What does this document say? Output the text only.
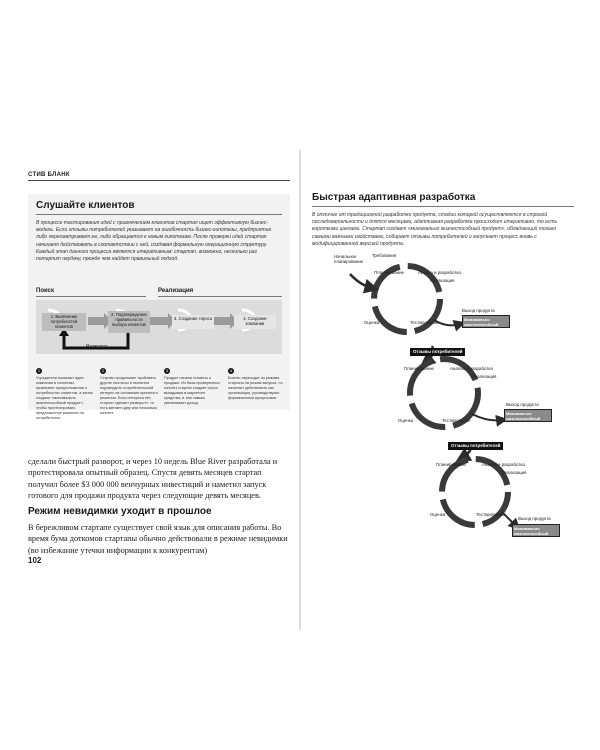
СТИВ БЛАНК
Слушайте клиентов
В процессе тестирования идей с привлечением клиентов стартап ищет эффективную бизнес-модель. Если отзывы потребителей указывают на ошибочность бизнес-гипотезы, предприятие либо пересматривает ее, либо обращается к новым гипотезам. После проверки идей стартап начинает действовать в соответствии с ней, создавая формальную операционную структуру. Каждый этап данного процесса является итеративным: стартап, возможно, несколько раз потерпит неудачу, прежде чем найдет правильный подход.
Поиск	Реализация
Разворот
1. Выявление потребностей клиентов
2. Подтверждение правильности выбора клиентов
3. Создание спроса	4. Создание компании
1	2	3	4
Учредители излагают идеи компании в гипотезах, проверяют предположения о потребностях клиентов, а затем создают «минимально жизнеспособный продукт», чтобы протестировать предложенное решение на потребителях.
Стартап продолжает пробовать другие гипотезы и пытается подтвердить потребительский интерес на основании принятого решения. Если интереса нет, стартап «делает разворот», то есть меняет одну или несколько гипотез.
Продукт начали готовить к продаже. Из базы проверенных гипотез стартап создает спрос, вкладывая в маркетинг средства, и тем самым увеличивает доход.
Бизнес переходит из режима стартапа на режим запуска, т.е. начинает действовать как организация, руководствуясь формальными процессами.
сделали быстрый разворот, и через 10 недель Blue River разработала и протестировала опытный образец. Спустя девять месяцев стартап получил более $3 000 000 венчурных инвестиций и наметил запуск готового для продажи продукта через следующие девять месяцев.
Режим невидимки уходит в прошлое
В бережливом стартапе существует свой язык для описания работы. Во время бума доткомов стартапы обычно действовали в режиме невидимки (во избежание утечки информации к конкурентам)
102
Быстрая адаптивная разработка
В отличие от традиционной разработки продукта, стадии которой осуществляются в строгой последовательности и длятся месяцами, адаптивная разработка происходит итеративно, то есть короткими циклами. Стартап создает «минимально жизнеспособный продукт», обладающий только самыми важными свойствами, собирает отзывы потребителей и запускает процесс вновь с модифицированной версией продукта.
Начальное планирование
Требования
Планирование	Анализ и разработка
Реализация
Оценка	Тестирование
Выход продукта
Минимально жизнеспособный продукт
Отзывы потребителей
Планирование	Анализ и разработка
Реализация
Оценка	Тестирование
Выход продукта
Минимально жизнеспособный продукт
Отзывы потребителей
Планирование	Анализ и разработка
Реализация
Оценка	Тестирование
Выход продукта
Минимально жизнеспособный продукт
